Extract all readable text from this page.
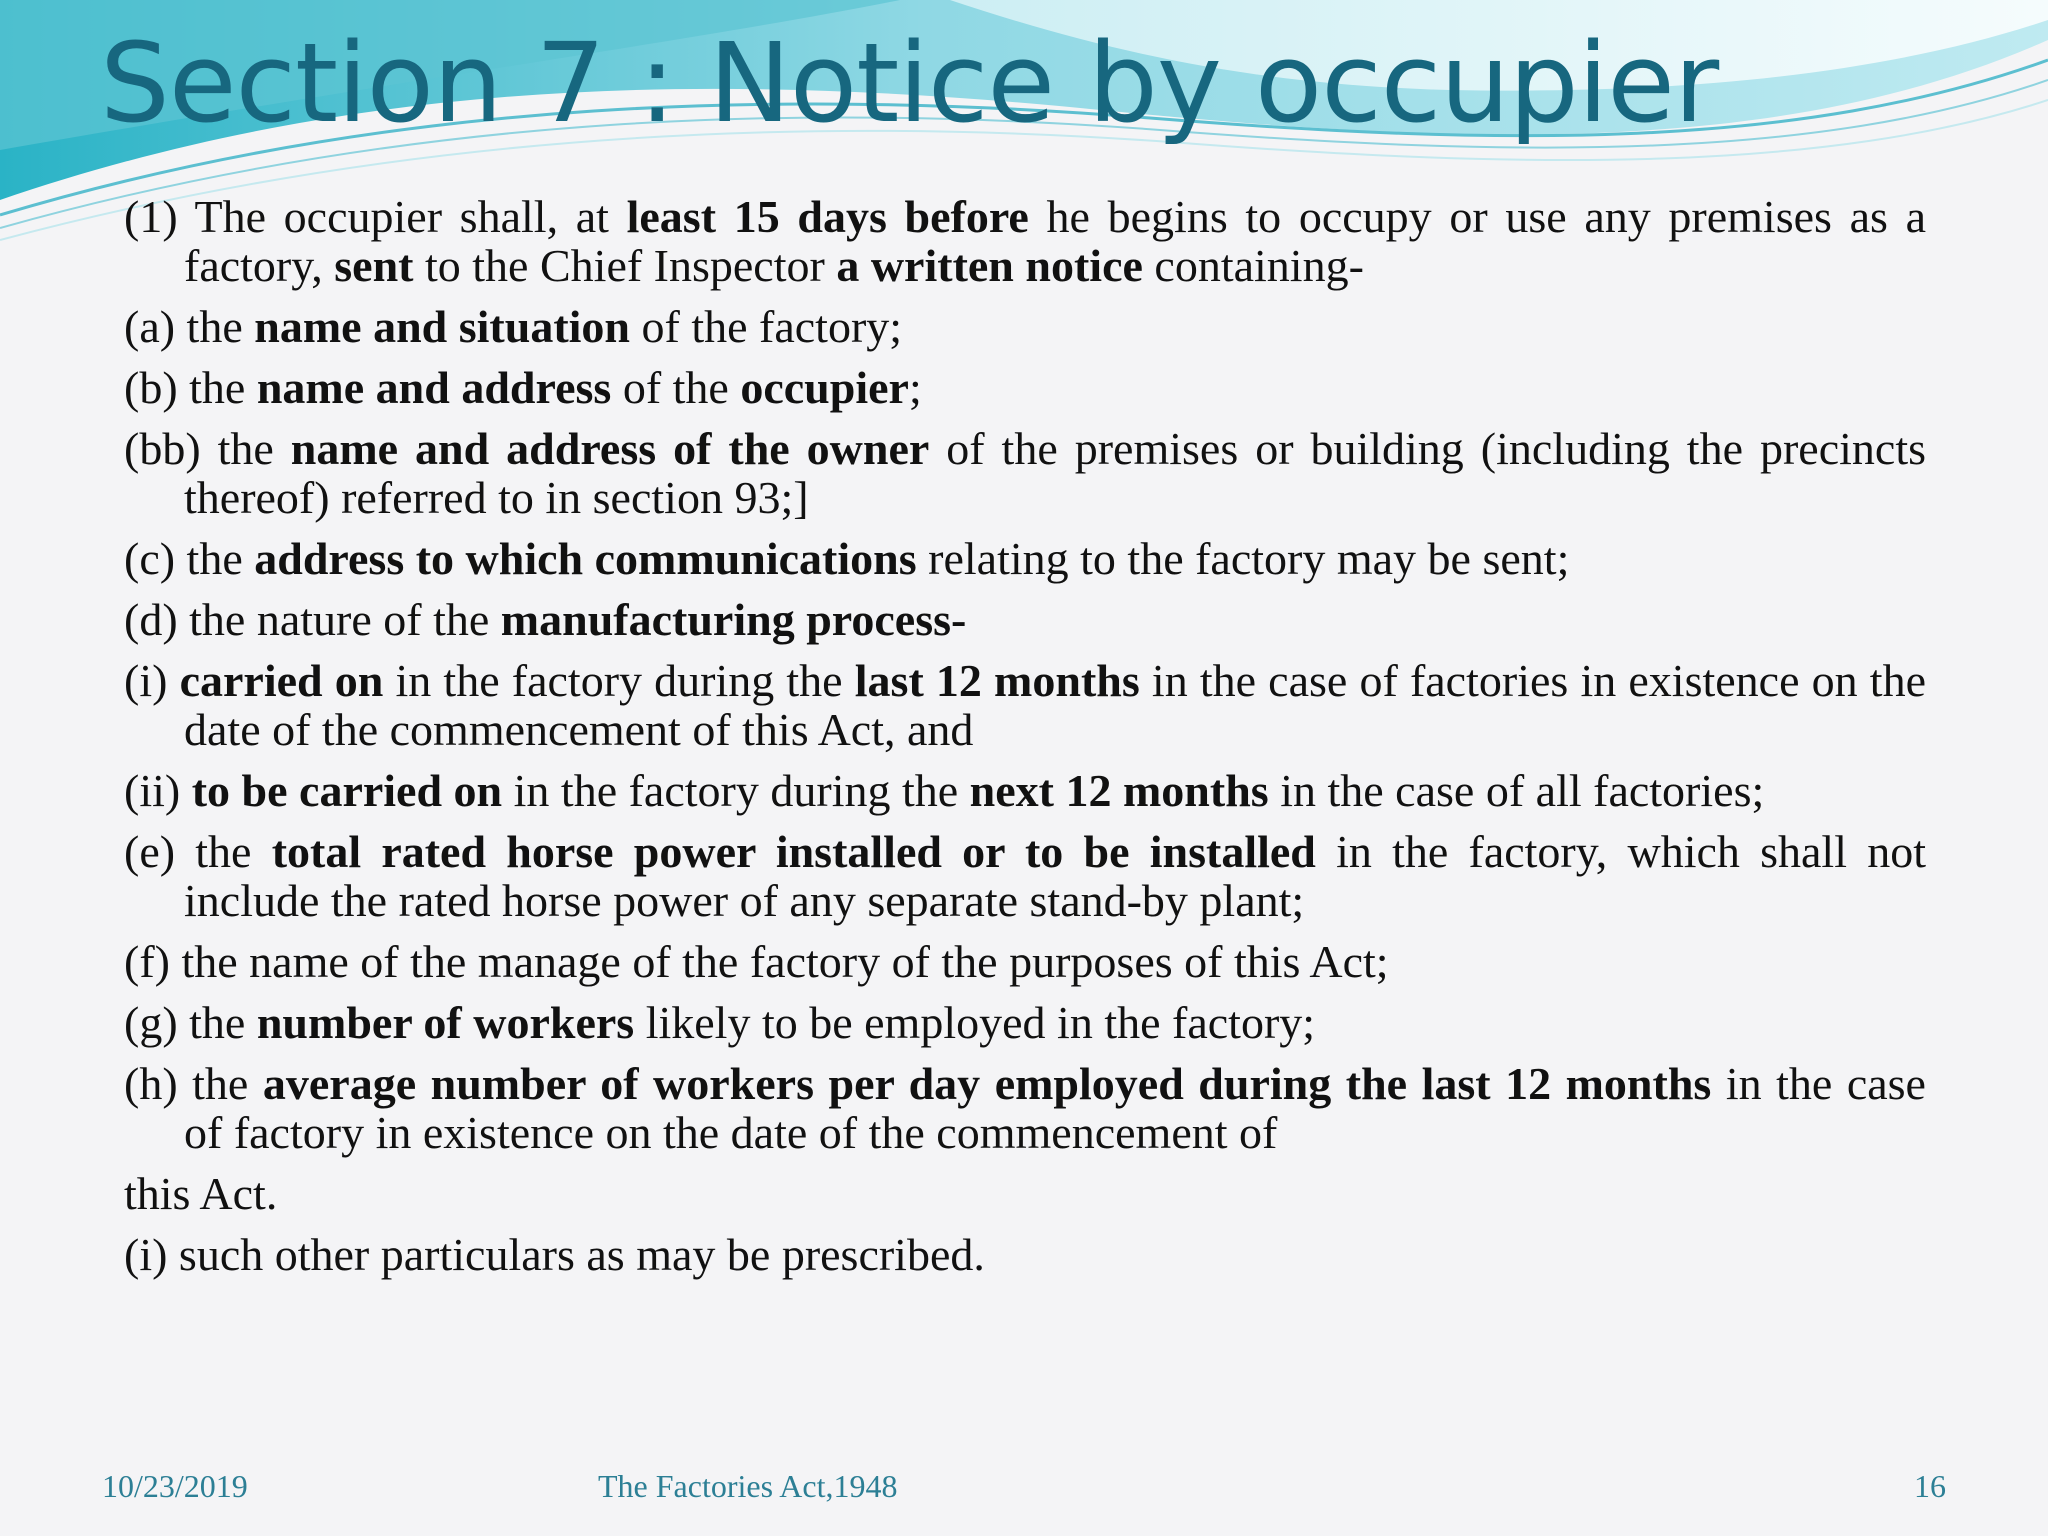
Section 7 : Notice by occupier

(1) The occupier shall, at least 15 days before he begins to occupy or use any premises as a factory, sent to the Chief Inspector a written notice containing-

(a) the name and situation of the factory;

(b) the name and address of the occupier;

(bb) the name and address of the owner of the premises or building (including the precincts thereof) referred to in section 93;]

(c) the address to which communications relating to the factory may be sent;

(d) the nature of the manufacturing process-

(i) carried on in the factory during the last 12 months in the case of factories in existence on the date of the commencement of this Act, and

(ii) to be carried on in the factory during the next 12 months in the case of all factories;

(e) the total rated horse power installed or to be installed in the factory, which shall not include the rated horse power of any separate stand-by plant;

(f) the name of the manage of the factory of the purposes of this Act;

(g) the number of workers likely to be employed in the factory;

(h) the average number of workers per day employed during the last 12 months in the case of factory in existence on the date of the commencement of

this Act.

(i) such other particulars as may be prescribed.

10/23/2019	The Factories Act,1948	16
